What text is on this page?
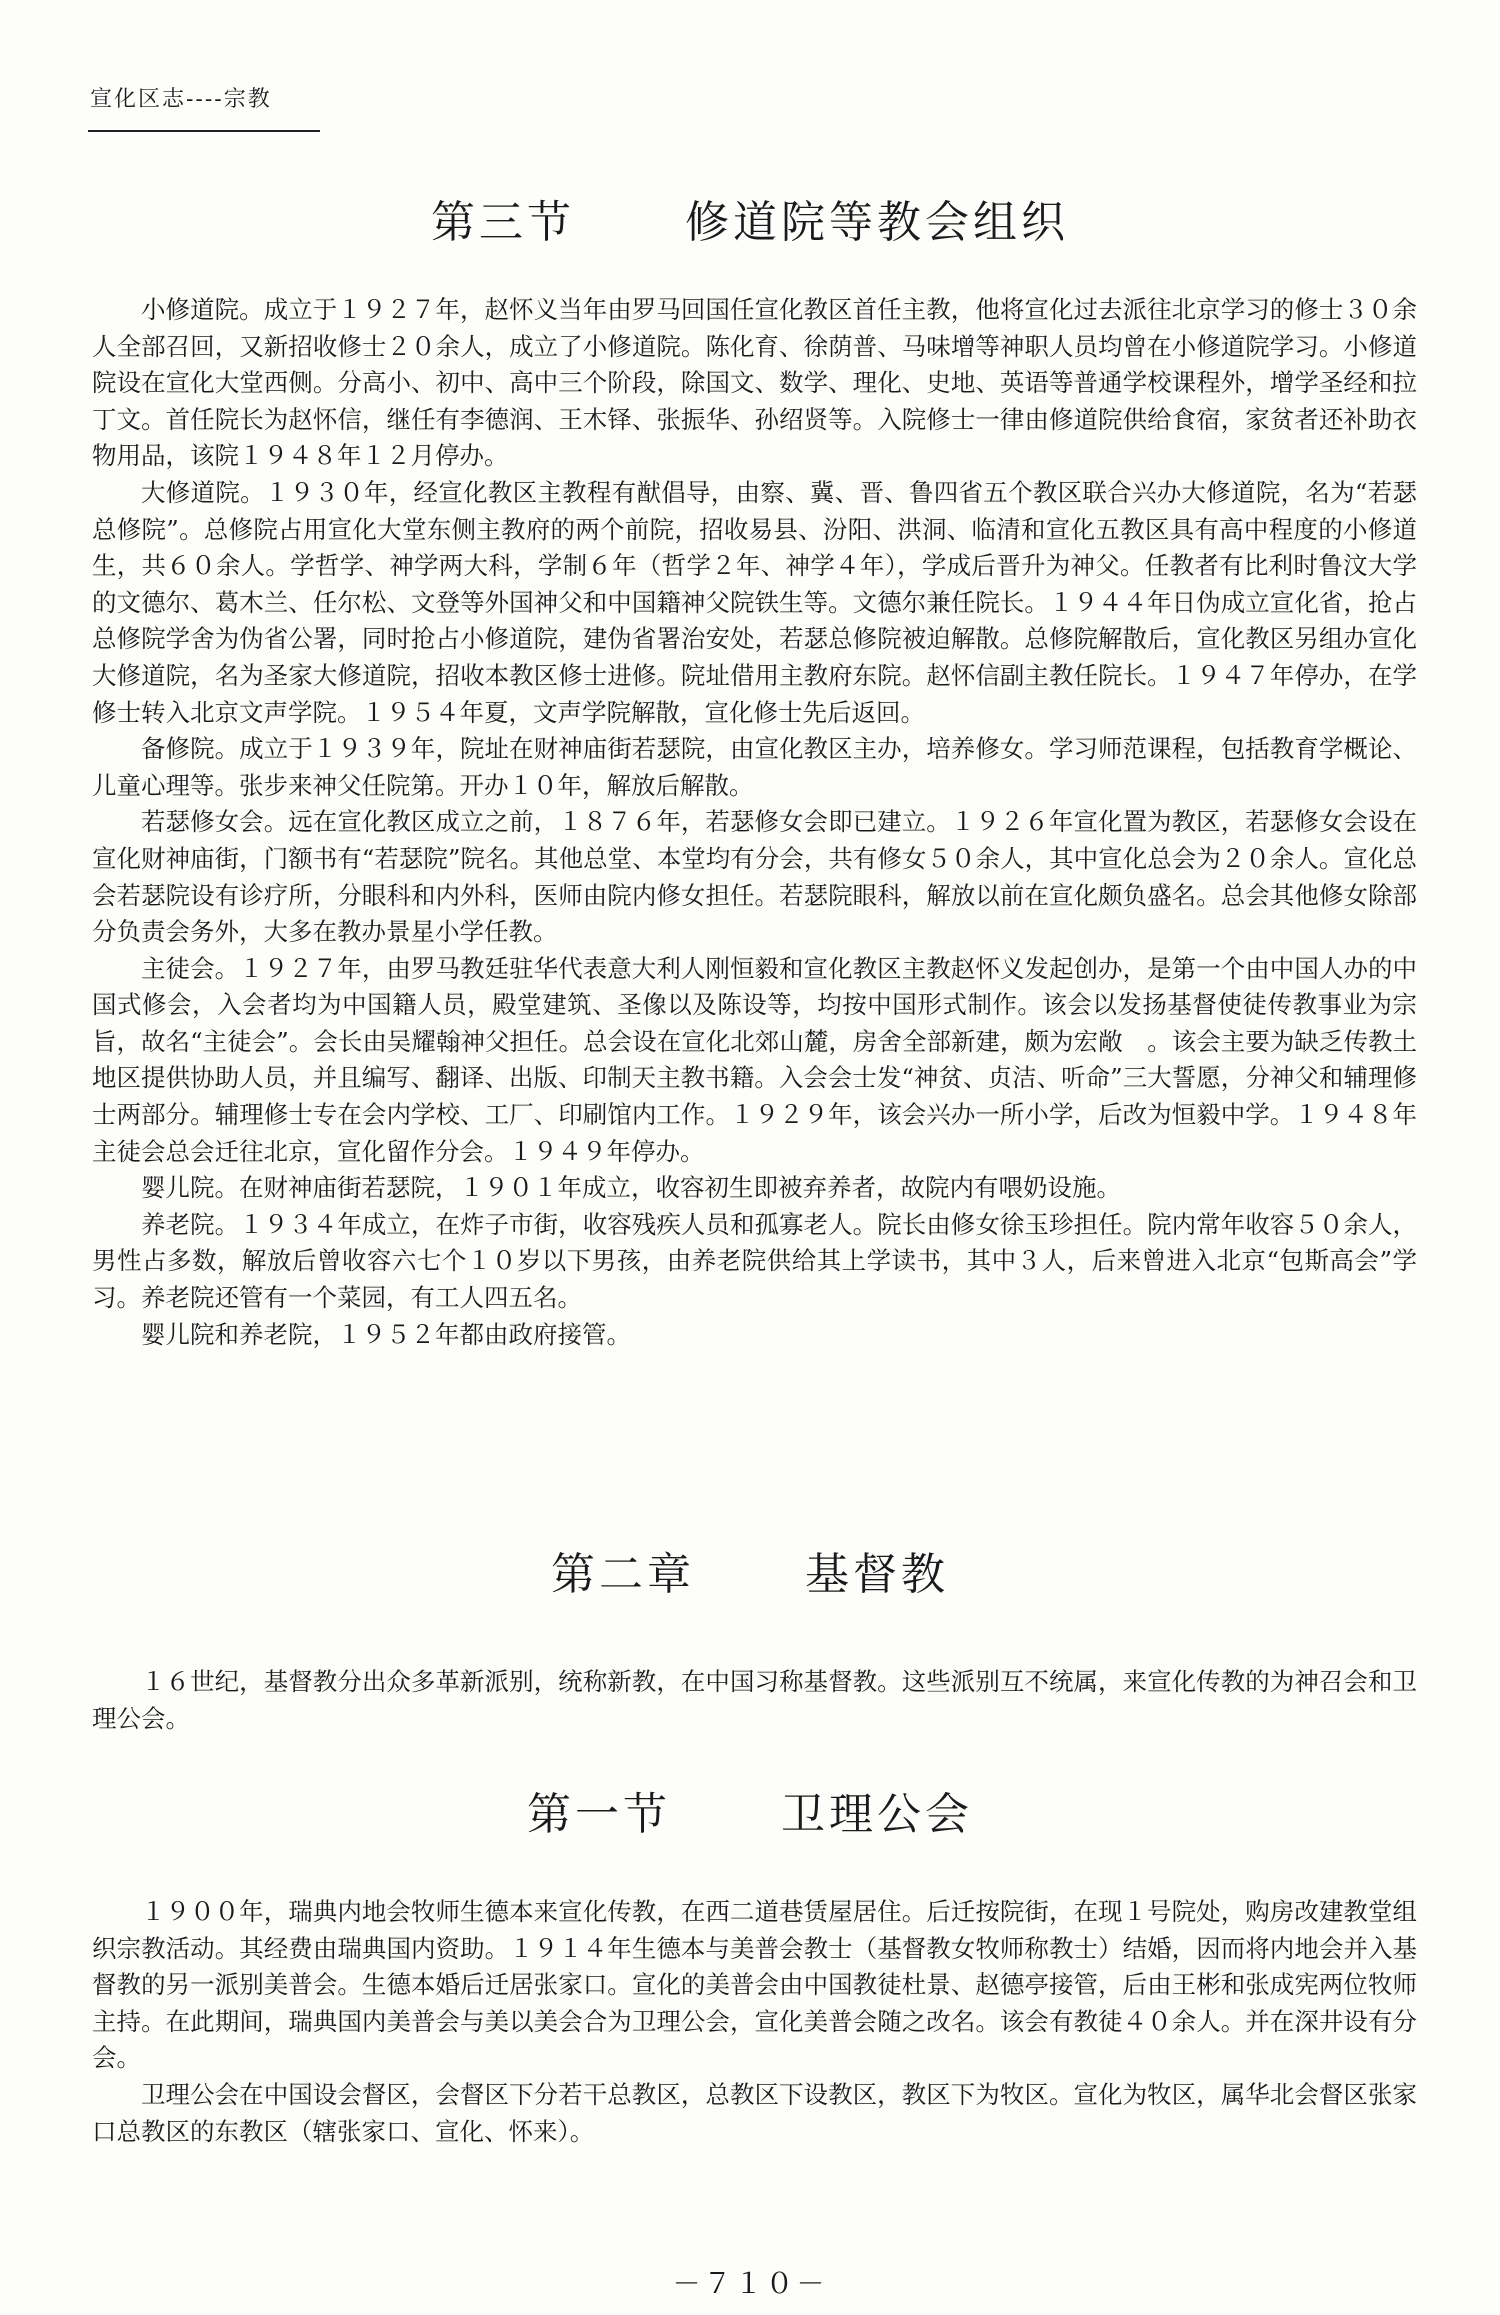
宣化区志----宗教
第三节	修道院等教会组织

小修道院。成立于１９２７年，赵怀义当年由罗马回国任宣化教区首任主教，他将宣化过去派往北京学习的修士３０余人全部召回，又新招收修士２０余人，成立了小修道院。陈化育、徐荫普、马味增等神职人员均曾在小修道院学习。小修道院设在宣化大堂西侧。分高小、初中、高中三个阶段，除国文、数学、理化、史地、英语等普通学校课程外，增学圣经和拉丁文。首任院长为赵怀信，继任有李德润、王木铎、张振华、孙绍贤等。入院修士一律由修道院供给食宿，家贫者还补助衣物用品，该院１９４８年１２月停办。

大修道院。１９３０年，经宣化教区主教程有猷倡导，由察、冀、晋、鲁四省五个教区联合兴办大修道院，名为“若瑟总修院”。总修院占用宣化大堂东侧主教府的两个前院，招收易县、汾阳、洪洞、临清和宣化五教区具有高中程度的小修道生，共６０余人。学哲学、神学两大科，学制６年（哲学２年、神学４年），学成后晋升为神父。任教者有比利时鲁汶大学的文德尔、葛木兰、任尔松、文登等外国神父和中国籍神父院铁生等。文德尔兼任院长。１９４４年日伪成立宣化省，抢占总修院学舍为伪省公署，同时抢占小修道院，建伪省署治安处，若瑟总修院被迫解散。总修院解散后，宣化教区另组办宣化大修道院，名为圣家大修道院，招收本教区修士进修。院址借用主教府东院。赵怀信副主教任院长。１９４７年停办，在学修士转入北京文声学院。１９５４年夏，文声学院解散，宣化修士先后返回。

备修院。成立于１９３９年，院址在财神庙街若瑟院，由宣化教区主办，培养修女。学习师范课程，包括教育学概论、儿童心理等。张步来神父任院第。开办１０年，解放后解散。

若瑟修女会。远在宣化教区成立之前，１８７６年，若瑟修女会即已建立。１９２６年宣化置为教区，若瑟修女会设在宣化财神庙街，门额书有“若瑟院”院名。其他总堂、本堂均有分会，共有修女５０余人，其中宣化总会为２０余人。宣化总会若瑟院设有诊疗所，分眼科和内外科，医师由院内修女担任。若瑟院眼科，解放以前在宣化颇负盛名。总会其他修女除部分负责会务外，大多在教办景星小学任教。

主徒会。１９２７年，由罗马教廷驻华代表意大利人刚恒毅和宣化教区主教赵怀义发起创办，是第一个由中国人办的中国式修会，入会者均为中国籍人员，殿堂建筑、圣像以及陈设等，均按中国形式制作。该会以发扬基督使徒传教事业为宗旨，故名“主徒会”。会长由吴耀翰神父担任。总会设在宣化北郊山麓，房舍全部新建，颇为宏敞　。该会主要为缺乏传教土地区提供协助人员，并且编写、翻译、出版、印制天主教书籍。入会会士发“神贫、贞洁、听命”三大誓愿，分神父和辅理修士两部分。辅理修士专在会内学校、工厂、印刷馆内工作。１９２９年，该会兴办一所小学，后改为恒毅中学。１９４８年主徒会总会迁往北京，宣化留作分会。１９４９年停办。

婴儿院。在财神庙街若瑟院，１９０１年成立，收容初生即被弃养者，故院内有喂奶设施。

养老院。１９３４年成立，在炸子市街，收容残疾人员和孤寡老人。院长由修女徐玉珍担任。院内常年收容５０余人，男性占多数，解放后曾收容六七个１０岁以下男孩，由养老院供给其上学读书，其中３人，后来曾进入北京“包斯高会”学习。养老院还管有一个菜园，有工人四五名。

婴儿院和养老院，１９５２年都由政府接管。

第二章	基督教

１６世纪，基督教分出众多革新派别，统称新教，在中国习称基督教。这些派别互不统属，来宣化传教的为神召会和卫理公会。

第一节	卫理公会

１９００年，瑞典内地会牧师生德本来宣化传教，在西二道巷赁屋居住。后迁按院街，在现１号院处，购房改建教堂组织宗教活动。其经费由瑞典国内资助。１９１４年生德本与美普会教士（基督教女牧师称教士）结婚，因而将内地会并入基督教的另一派别美普会。生德本婚后迁居张家口。宣化的美普会由中国教徒杜景、赵德亭接管，后由王彬和张成宪两位牧师主持。在此期间，瑞典国内美普会与美以美会合为卫理公会，宣化美普会随之改名。该会有教徒４０余人。并在深井设有分会。

卫理公会在中国设会督区，会督区下分若干总教区，总教区下设教区，教区下为牧区。宣化为牧区，属华北会督区张家口总教区的东教区（辖张家口、宣化、怀来）。

－７１０－
